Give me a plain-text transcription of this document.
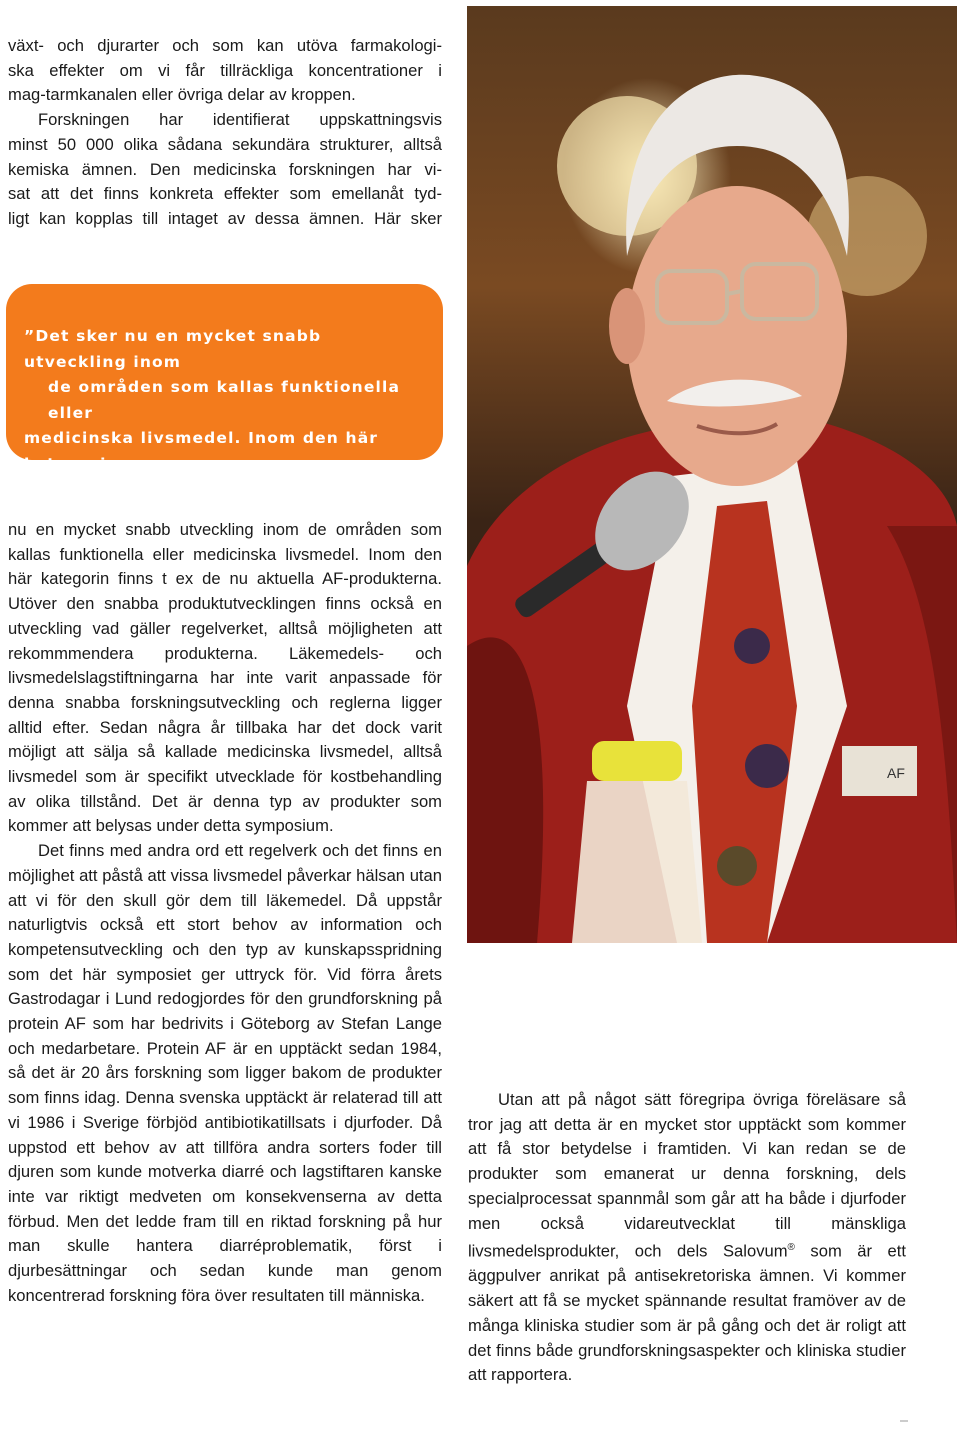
växt- och djurarter och som kan utöva farmakologi-
ska effekter om vi får tillräckliga koncentrationer i
mag-tarmkanalen eller övriga delar av kroppen.
Forskningen har identifierat uppskattningsvis
minst 50 000 olika sådana sekundära strukturer, alltså
kemiska ämnen. Den medicinska forskningen har vi-
sat att det finns konkreta effekter som emellanåt tyd-
ligt kan kopplas till intaget av dessa ämnen. Här sker

”Det sker nu en mycket snabb utveckling inom

de områden som kallas funktionella eller

medicinska livsmedel. Inom den här kategorin

finns t ex de nu aktuella AF-produkterna.”

nu en mycket snabb utveckling inom de områden som kallas funktionella eller medicinska livsmedel. Inom den här kategorin finns t ex de nu aktuella AF-produkterna. Utöver den snabba produktutvecklingen finns också en utveckling vad gäller regelverket, alltså möjligheten att rekommmendera produkterna. Läkemedels- och livsmedelslagstiftningarna har inte varit anpassade för denna snabba forskningsutveckling och reglerna ligger alltid efter. Sedan några år tillbaka har det dock varit möjligt att sälja så kallade medicinska livsmedel, alltså livsmedel som är specifikt utvecklade för kostbehandling av olika tillstånd. Det är denna typ av produkter som kommer att belysas under detta symposium.

Det finns med andra ord ett regelverk och det finns en möjlighet att påstå att vissa livsmedel påverkar hälsan utan att vi för den skull gör dem till läkemedel. Då uppstår naturligtvis också ett stort behov av information och kompetensutveckling och den typ av kunskapsspridning som det här symposiet ger uttryck för. Vid förra årets Gastrodagar i Lund redogjordes för den grundforskning på protein AF som har bedrivits i Göteborg av Stefan Lange och medarbetare. Protein AF är en upptäckt sedan 1984, så det är 20 års forskning som ligger bakom de produkter som finns idag. Denna svenska upptäckt är relaterad till att vi 1986 i Sverige förbjöd antibiotikatillsats i djurfoder. Då uppstod ett behov av att tillföra andra sorters foder till djuren som kunde motverka diarré och lagstiftaren kanske inte var riktigt medveten om konsekvenserna av detta förbud. Men det ledde fram till en riktad forskning på hur man skulle hantera diarréproblematik, först i djurbesättningar och sedan kunde man genom koncentrerad forskning föra över resultaten till människa.

Utan att på något sätt föregripa övriga föreläsare så tror jag att detta är en mycket stor upptäckt som kommer att få stor betydelse i framtiden. Vi kan redan se de produkter som emanerat ur denna forskning, dels specialprocessat spannmål som går att ha både i djurfoder men också vidareutvecklat till mänskliga livsmedelsprodukter, och dels Salovum® som är ett äggpulver anrikat på antisekretoriska ämnen. Vi kommer säkert att få se mycket spännande resultat framöver av de många kliniska studier som är på gång och det är roligt att det finns både grundforskningsaspekter och kliniska studier att rapportera.

AF
